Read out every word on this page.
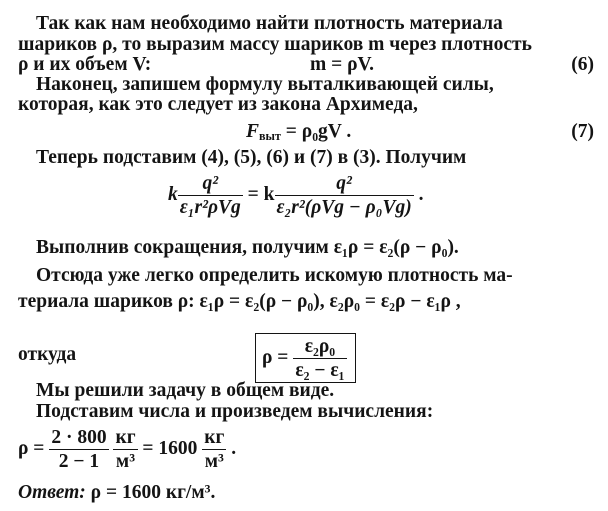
Так как нам необходимо найти плотность материала
шариков ρ, то выразим массу шариков m через плотность
ρ и их объем V:	m = ρV.	(6)
Наконец, запишем формулу выталкивающей силы,
которая, как это следует из закона Архимеда,
$F_{выт} = \rho_0gV$ .	(7)
Теперь подставим (4), (5), (6) и (7) в (3). Получим
k $\frac{\text{q²}}{\text{ε₁r²ρVg}} = k \frac{\text{q²}}{\text{ε₂r²(ρVg − ρ₀Vg)}}$ .
Выполнив сокращения, получим ε₁ρ = ε₂(ρ − ρ₀).
Отсюда уже легко определить искомую плотность ма-
териала шариков ρ: ε₁ρ = ε₂(ρ − ρ₀), ε₂ρ₀ = ε₂ρ − ε₁ρ ,
откуда	$\rho = \frac{\text{ε₂ρ₀}}{\text{ε₂ − ε₁}}$
Мы решили задачу в общем виде.
Подставим числа и произведем вычисления:
$\rho = \frac{2 \cdot 800}{2 - 1}$
$\frac{кг}{\text{м³}} = 1600 \frac{кг}{\text{м³}}$ .
Ответ: ρ = 1600 кг/м³.
